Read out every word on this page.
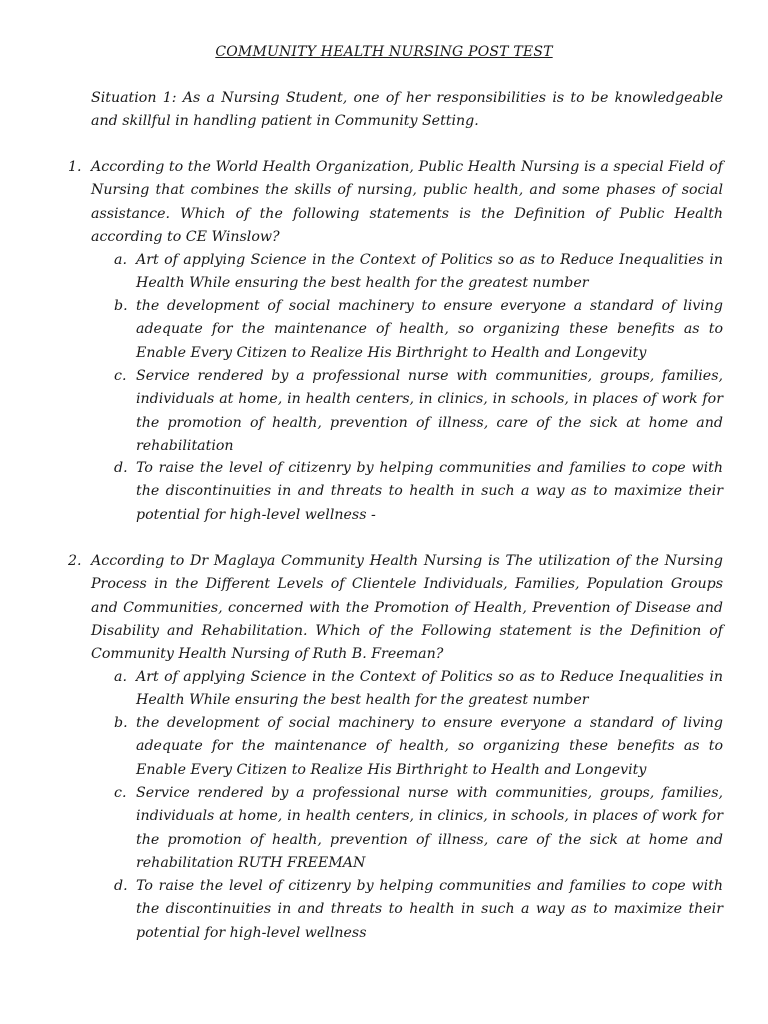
COMMUNITY HEALTH NURSING POST TEST
Situation 1: As a Nursing Student, one of her responsibilities is to be knowledgeable and skillful in handling patient in Community Setting.
1. According to the World Health Organization, Public Health Nursing is a special Field of Nursing that combines the skills of nursing, public health, and some phases of social assistance. Which of the following statements is the Definition of Public Health according to CE Winslow?
a. Art of applying Science in the Context of Politics so as to Reduce Inequalities in Health While ensuring the best health for the greatest number
b. the development of social machinery to ensure everyone a standard of living adequate for the maintenance of health, so organizing these benefits as to Enable Every Citizen to Realize His Birthright to Health and Longevity
c. Service rendered by a professional nurse with communities, groups, families, individuals at home, in health centers, in clinics, in schools, in places of work for the promotion of health, prevention of illness, care of the sick at home and rehabilitation
d. To raise the level of citizenry by helping communities and families to cope with the discontinuities in and threats to health in such a way as to maximize their potential for high-level wellness -
2. According to Dr Maglaya Community Health Nursing is The utilization of the Nursing Process in the Different Levels of Clientele Individuals, Families, Population Groups and Communities, concerned with the Promotion of Health, Prevention of Disease and Disability and Rehabilitation. Which of the Following statement is the Definition of Community Health Nursing of Ruth B. Freeman?
a. Art of applying Science in the Context of Politics so as to Reduce Inequalities in Health While ensuring the best health for the greatest number
b. the development of social machinery to ensure everyone a standard of living adequate for the maintenance of health, so organizing these benefits as to Enable Every Citizen to Realize His Birthright to Health and Longevity
c. Service rendered by a professional nurse with communities, groups, families, individuals at home, in health centers, in clinics, in schools, in places of work for the promotion of health, prevention of illness, care of the sick at home and rehabilitation RUTH FREEMAN
d. To raise the level of citizenry by helping communities and families to cope with the discontinuities in and threats to health in such a way as to maximize their potential for high-level wellness
